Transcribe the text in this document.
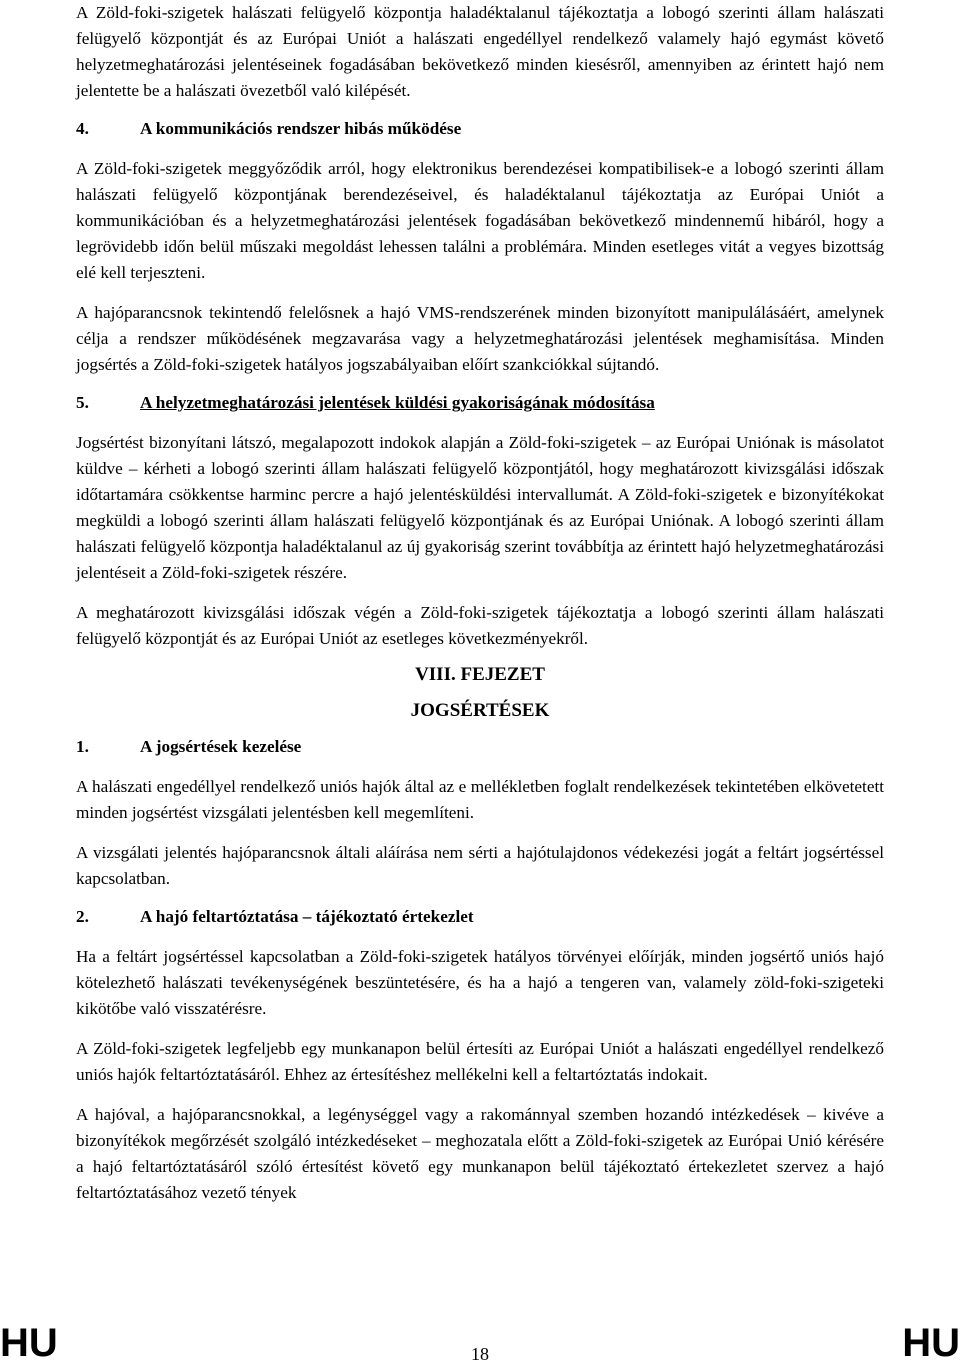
A Zöld-foki-szigetek halászati felügyelő központja haladéktalanul tájékoztatja a lobogó szerinti állam halászati felügyelő központját és az Európai Uniót a halászati engedéllyel rendelkező valamely hajó egymást követő helyzetmeghatározási jelentéseinek fogadásában bekövetkező minden kiesésről, amennyiben az érintett hajó nem jelentette be a halászati övezetből való kilépését.

4.	A kommunikációs rendszer hibás működése

A Zöld-foki-szigetek meggyőződik arról, hogy elektronikus berendezései kompatibilisek-e a lobogó szerinti állam halászati felügyelő központjának berendezéseivel, és haladéktalanul tájékoztatja az Európai Uniót a kommunikációban és a helyzetmeghatározási jelentések fogadásában bekövetkező mindennemű hibáról, hogy a legrövidebb időn belül műszaki megoldást lehessen találni a problémára. Minden esetleges vitát a vegyes bizottság elé kell terjeszteni.

A hajóparancsnok tekintendő felelősnek a hajó VMS-rendszerének minden bizonyított manipulálásáért, amelynek célja a rendszer működésének megzavarása vagy a helyzetmeghatározási jelentések meghamisítása. Minden jogsértés a Zöld-foki-szigetek hatályos jogszabályaiban előírt szankciókkal sújtandó.

5.	A helyzetmeghatározási jelentések küldési gyakoriságának módosítása

Jogsértést bizonyítani látszó, megalapozott indokok alapján a Zöld-foki-szigetek – az Európai Uniónak is másolatot küldve – kérheti a lobogó szerinti állam halászati felügyelő központjától, hogy meghatározott kivizsgálási időszak időtartamára csökkentse harminc percre a hajó jelentésküldési intervallumát. A Zöld-foki-szigetek e bizonyítékokat megküldi a lobogó szerinti állam halászati felügyelő központjának és az Európai Uniónak. A lobogó szerinti állam halászati felügyelő központja haladéktalanul az új gyakoriság szerint továbbítja az érintett hajó helyzetmeghatározási jelentéseit a Zöld-foki-szigetek részére.

A meghatározott kivizsgálási időszak végén a Zöld-foki-szigetek tájékoztatja a lobogó szerinti állam halászati felügyelő központját és az Európai Uniót az esetleges következményekről.

VIII. FEJEZET
JOGSÉRTÉSEK
1.	A jogsértések kezelése

A halászati engedéllyel rendelkező uniós hajók által az e mellékletben foglalt rendelkezések tekintetében elkövetetett minden jogsértést vizsgálati jelentésben kell megemlíteni.

A vizsgálati jelentés hajóparancsnok általi aláírása nem sérti a hajótulajdonos védekezési jogát a feltárt jogsértéssel kapcsolatban.

2.	A hajó feltartóztatása – tájékoztató értekezlet

Ha a feltárt jogsértéssel kapcsolatban a Zöld-foki-szigetek hatályos törvényei előírják, minden jogsértő uniós hajó kötelezhető halászati tevékenységének beszüntetésére, és ha a hajó a tengeren van, valamely zöld-foki-szigeteki kikötőbe való visszatérésre.

A Zöld-foki-szigetek legfeljebb egy munkanapon belül értesíti az Európai Uniót a halászati engedéllyel rendelkező uniós hajók feltartóztatásáról. Ehhez az értesítéshez mellékelni kell a feltartóztatás indokait.

A hajóval, a hajóparancsnokkal, a legénységgel vagy a rakománnyal szemben hozandó intézkedések – kivéve a bizonyítékok megőrzését szolgáló intézkedéseket – meghozatala előtt a Zöld-foki-szigetek az Európai Unió kérésére a hajó feltartóztatásáról szóló értesítést követő egy munkanapon belül tájékoztató értekezletet szervez a hajó feltartóztatásához vezető tények

HU	18	HU
